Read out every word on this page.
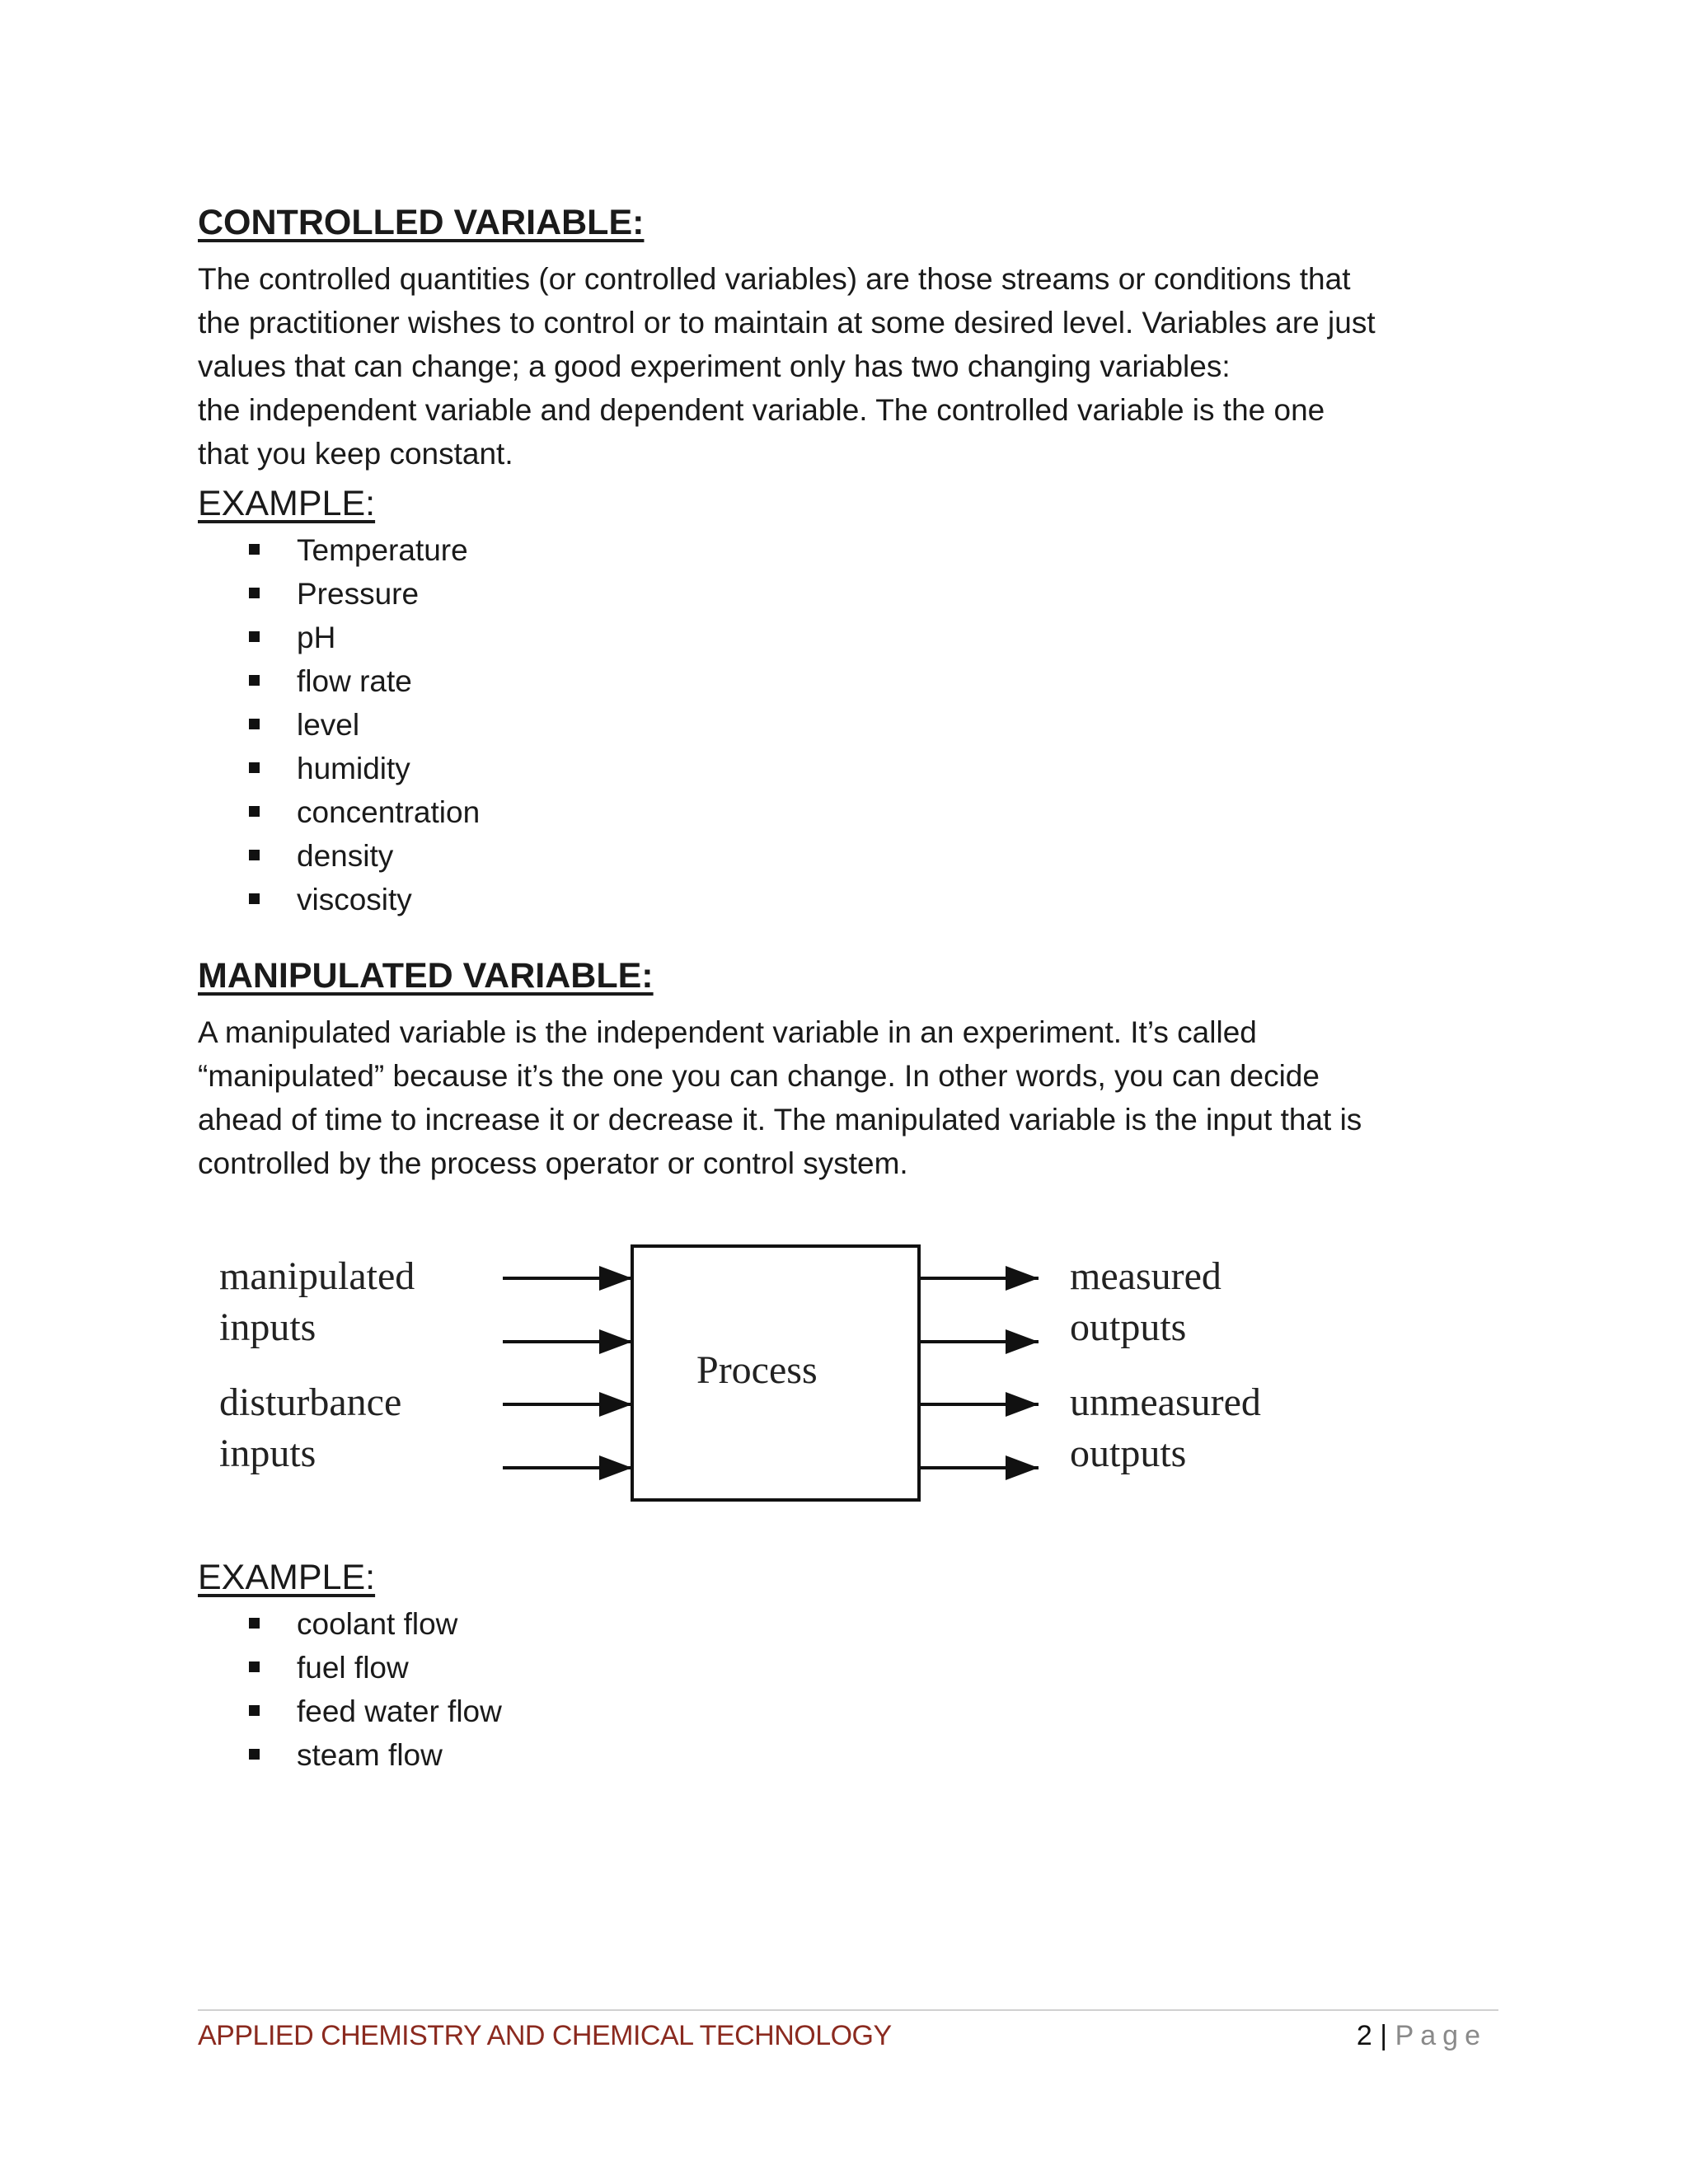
CONTROLLED VARIABLE:

The controlled quantities (or controlled variables) are those streams or conditions that
the practitioner wishes to control or to maintain at some desired level. Variables are just
values that can change; a good experiment only has two changing variables:
the independent variable and dependent variable. The controlled variable is the one
that you keep constant.

EXAMPLE:
Temperature
Pressure
pH
flow rate
level
humidity
concentration
density
viscosity
MANIPULATED VARIABLE:

A manipulated variable is the independent variable in an experiment. It’s called
“manipulated” because it’s the one you can change. In other words, you can decide
ahead of time to increase it or decrease it. The manipulated variable is the input that is
controlled by the process operator or control system.

manipulated
inputs
disturbance
inputs
Process
measured
outputs
unmeasured
outputs
EXAMPLE:
coolant flow
fuel flow
feed water flow
steam flow
APPLIED CHEMISTRY AND CHEMICAL TECHNOLOGY	2 | Page
